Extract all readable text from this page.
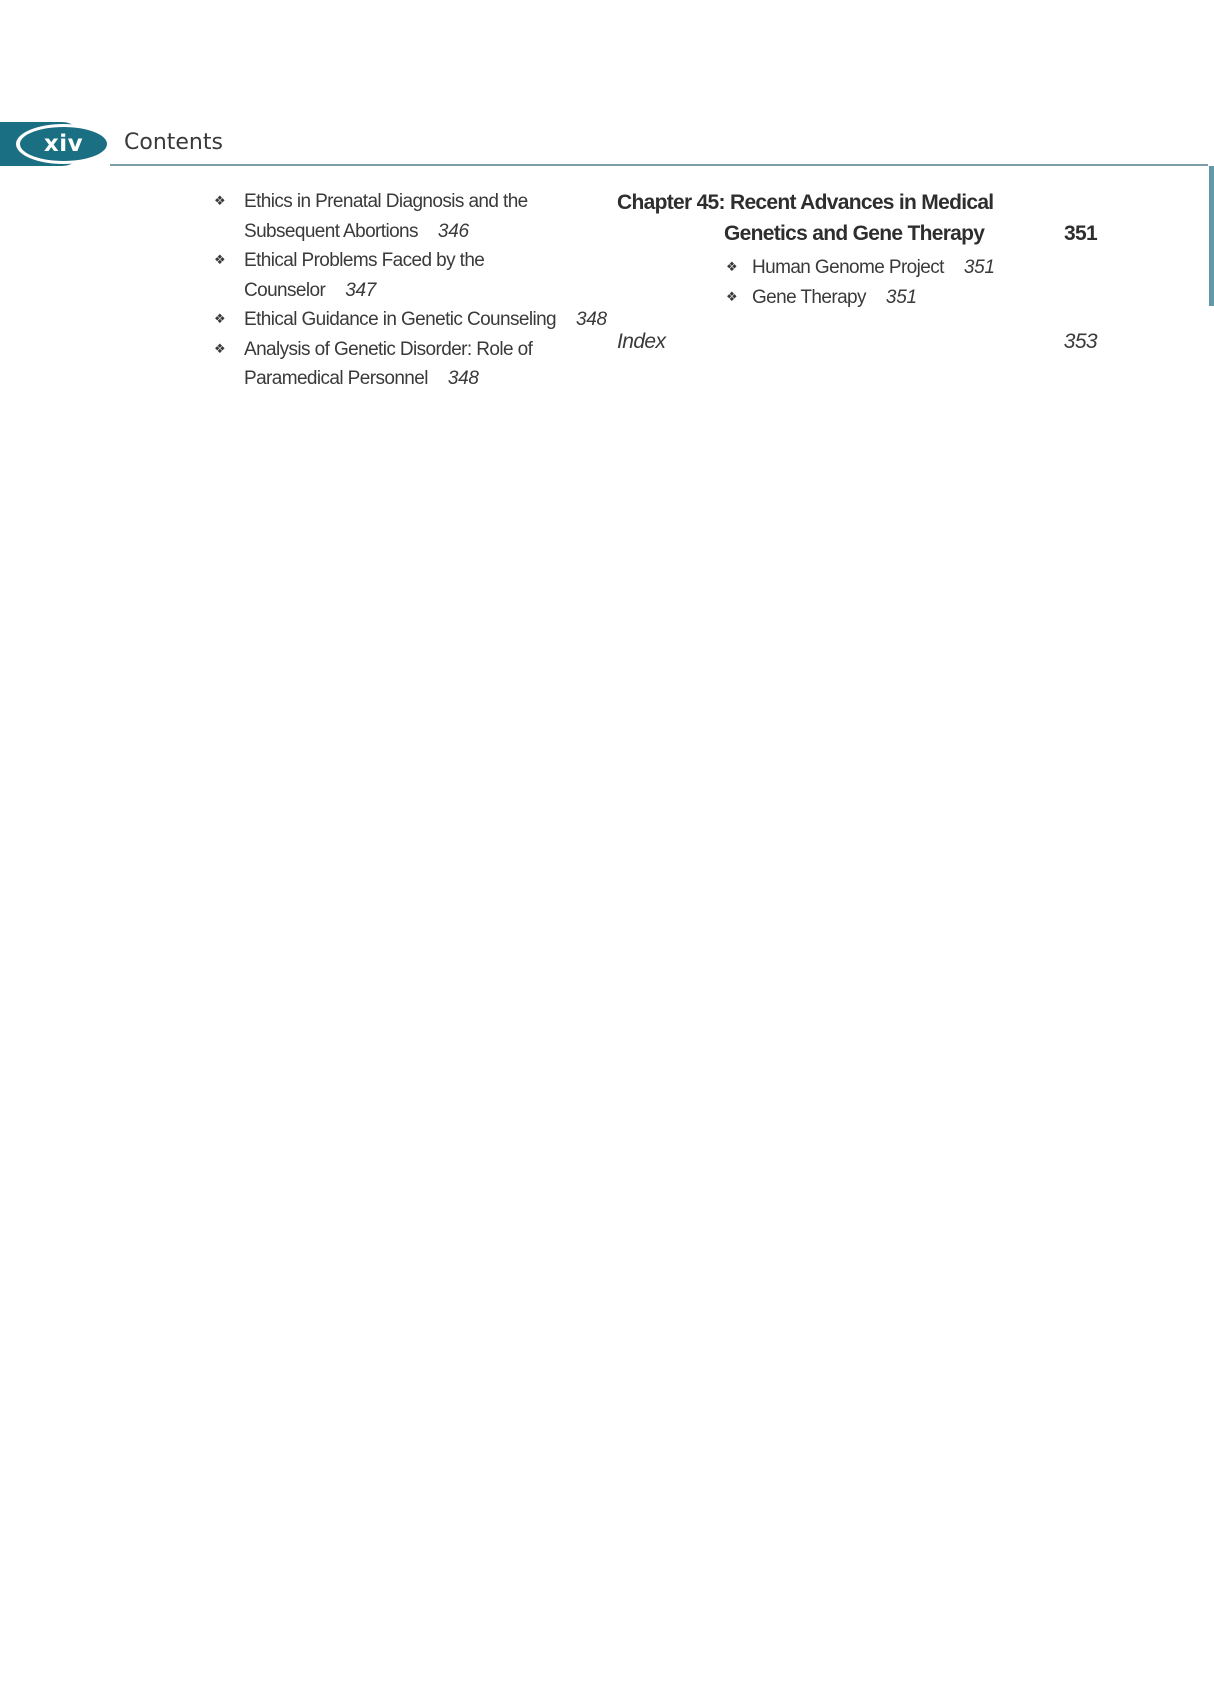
xiv	Contents
❖ Ethics in Prenatal Diagnosis and the
Subsequent Abortions 346
❖ Ethical Problems Faced by the Counselor 347
❖ Ethical Guidance in Genetic Counseling 348
❖ Analysis of Genetic Disorder: Role of
Paramedical Personnel 348
Chapter 45: Recent Advances in Medical
Genetics and Gene Therapy	351
❖ Human Genome Project 351
❖ Gene Therapy 351
Index	353
